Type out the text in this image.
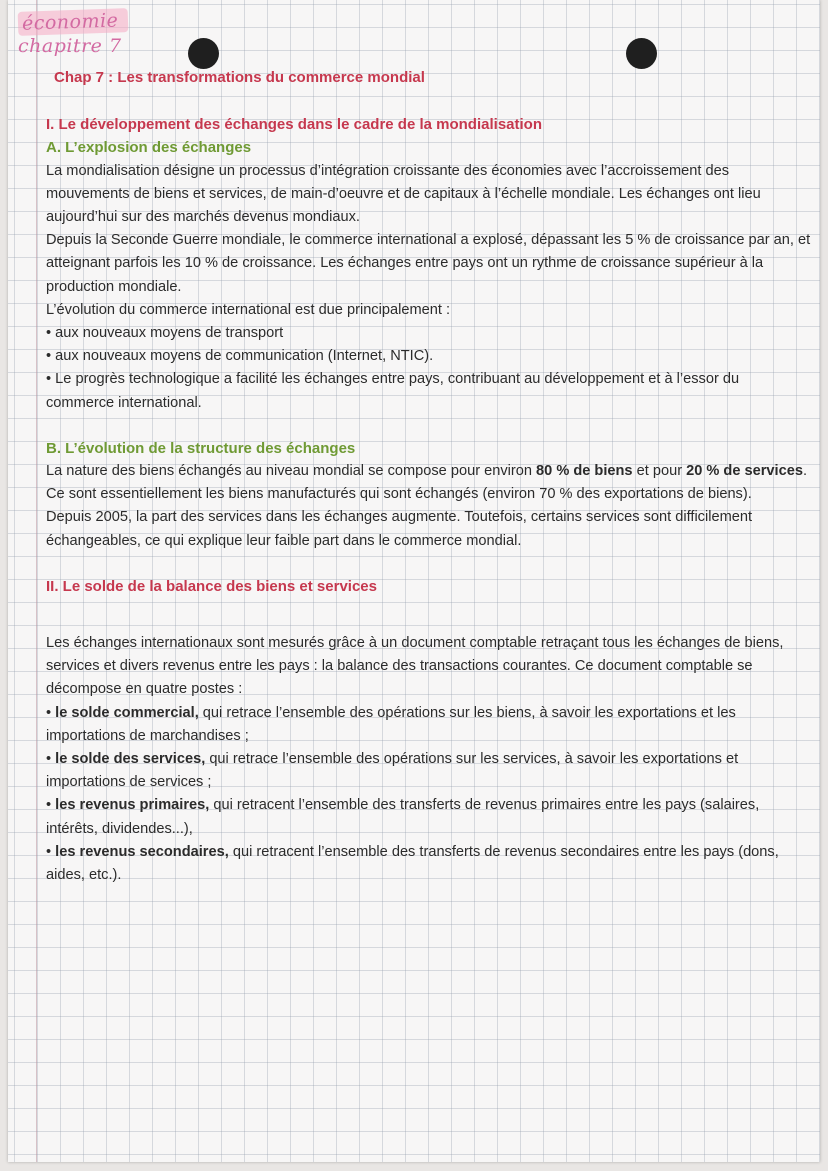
économie
chapitre 7
Chap 7 : Les transformations du commerce mondial
I. Le développement des échanges dans le cadre de la mondialisation
A. L’explosion des échanges

La mondialisation désigne un processus d’intégration croissante des économies avec l’accroissement des mouvements de biens et services, de main-d’oeuvre et de capitaux à l’échelle mondiale. Les échanges ont lieu aujourd’hui sur des marchés devenus mondiaux.

Depuis la Seconde Guerre mondiale, le commerce international a explosé, dépassant les 5 % de croissance par an, et atteignant parfois les 10 % de croissance. Les échanges entre pays ont un rythme de croissance supérieur à la production mondiale.

L’évolution du commerce international est due principalement :

• aux nouveaux moyens de transport
• aux nouveaux moyens de communication (Internet, NTIC).
• Le progrès technologique a facilité les échanges entre pays, contribuant au développement et à l’essor du commerce international.
B. L’évolution de la structure des échanges

La nature des biens échangés au niveau mondial se compose pour environ 80 % de biens et pour 20 % de services. Ce sont essentiellement les biens manufacturés qui sont échangés (environ 70 % des exportations de biens).

Depuis 2005, la part des services dans les échanges augmente. Toutefois, certains services sont difficilement échangeables, ce qui explique leur faible part dans le commerce mondial.

II. Le solde de la balance des biens et services

Les échanges internationaux sont mesurés grâce à un document comptable retraçant tous les échanges de biens, services et divers revenus entre les pays : la balance des transactions courantes. Ce document comptable se décompose en quatre postes :

• le solde commercial, qui retrace l’ensemble des opérations sur les biens, à savoir les exportations et les importations de marchandises ;
• le solde des services, qui retrace l’ensemble des opérations sur les services, à savoir les exportations et importations de services ;
• les revenus primaires, qui retracent l’ensemble des transferts de revenus primaires entre les pays (salaires, intérêts, dividendes...),
• les revenus secondaires, qui retracent l’ensemble des transferts de revenus secondaires entre les pays (dons, aides, etc.).
